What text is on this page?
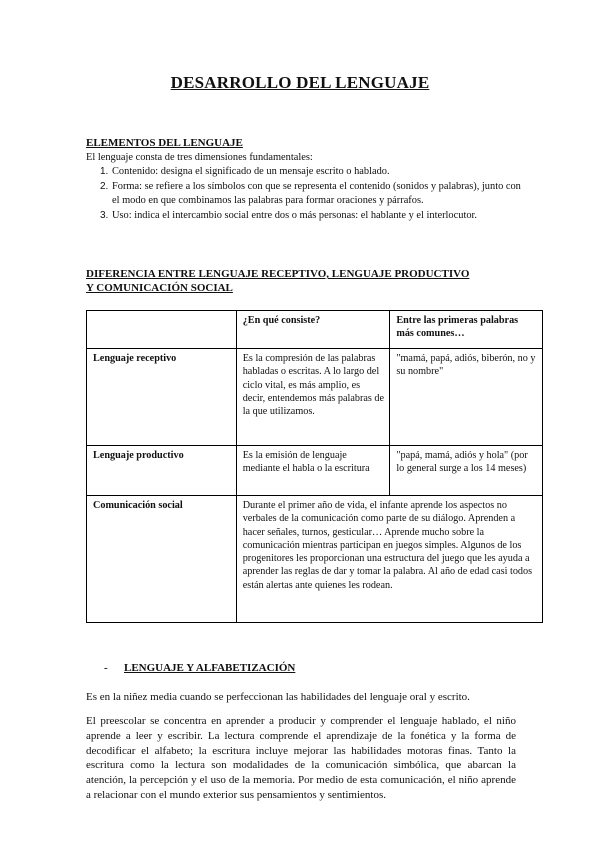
DESARROLLO DEL LENGUAJE
ELEMENTOS DEL LENGUAJE
El lenguaje consta de tres dimensiones fundamentales:
1. Contenido: designa el significado de un mensaje escrito o hablado.
2. Forma: se refiere a los símbolos con que se representa el contenido (sonidos y palabras), junto con el modo en que combinamos las palabras para formar oraciones y párrafos.
3. Uso: indica el intercambio social entre dos o más personas: el hablante y el interlocutor.
DIFERENCIA ENTRE LENGUAJE RECEPTIVO, LENGUAJE PRODUCTIVO
Y COMUNICACIÓN SOCIAL
	¿En qué consiste?	Entre las primeras palabras más comunes…
Lenguaje receptivo	Es la compresión de las palabras habladas o escritas. A lo largo del ciclo vital, es más amplio, es decir, entendemos más palabras de la que utilizamos.	"mamá, papá, adiós, biberón, no y su nombre"
Lenguaje productivo	Es la emisión de lenguaje mediante el habla o la escritura	"papá, mamá, adiós y hola" (por lo general surge a los 14 meses)
Comunicación social	Durante el primer año de vida, el infante aprende los aspectos no verbales de la comunicación como parte de su diálogo. Aprenden a hacer señales, turnos, gesticular… Aprende mucho sobre la comunicación mientras participan en juegos simples. Algunos de los progenitores les proporcionan una estructura del juego que les ayuda a aprender las reglas de dar y tomar la palabra. Al año de edad casi todos están alertas ante quienes les rodean.	
- LENGUAJE Y ALFABETIZACIÓN
Es en la niñez media cuando se perfeccionan las habilidades del lenguaje oral y escrito.
El preescolar se concentra en aprender a producir y comprender el lenguaje hablado, el niño aprende a leer y escribir. La lectura comprende el aprendizaje de la fonética y la forma de decodificar el alfabeto; la escritura incluye mejorar las habilidades motoras finas. Tanto la escritura como la lectura son modalidades de la comunicación simbólica, que abarcan la atención, la percepción y el uso de la memoria. Por medio de esta comunicación, el niño aprende a relacionar con el mundo exterior sus pensamientos y sentimientos.
